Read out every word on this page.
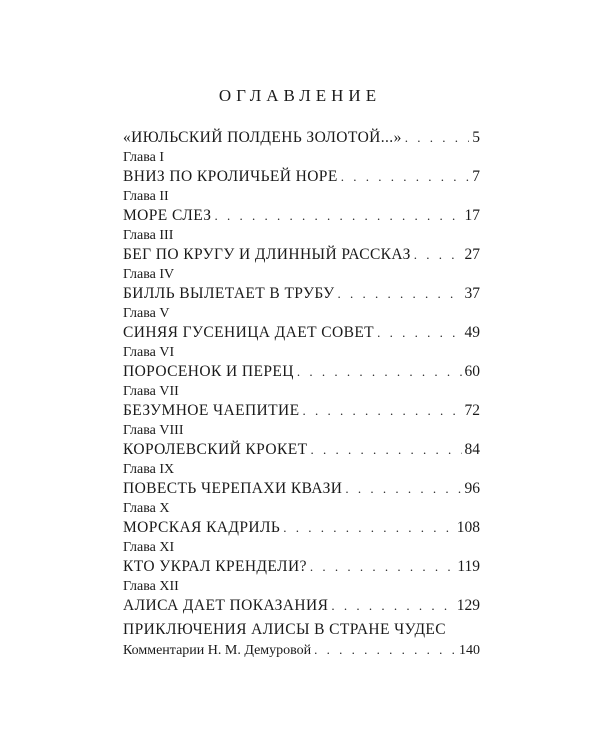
ОГЛАВЛЕНИЕ
«ИЮЛЬСКИЙ ПОЛДЕНЬ ЗОЛОТОЙ...» . . .	5
Глава I
ВНИЗ ПО КРОЛИЧЬЕЙ НОРЕ . . .	7
Глава II
МОРЕ СЛЕЗ . . .	17
Глава III
БЕГ ПО КРУГУ И ДЛИННЫЙ РАССКАЗ . . .	27
Глава IV
БИЛЛЬ ВЫЛЕТАЕТ В ТРУБУ . . .	37
Глава V
СИНЯЯ ГУСЕНИЦА ДАЕТ СОВЕТ . . .	49
Глава VI
ПОРОСЕНОК И ПЕРЕЦ . . .	60
Глава VII
БЕЗУМНОЕ ЧАЕПИТИЕ . . .	72
Глава VIII
КОРОЛЕВСКИЙ КРОКЕТ . . .	84
Глава IX
ПОВЕСТЬ ЧЕРЕПАХИ КВАЗИ . . .	96
Глава X
МОРСКАЯ КАДРИЛЬ . . .	108
Глава XI
КТО УКРАЛ КРЕНДЕЛИ? . . .	119
Глава XII
АЛИСА ДАЕТ ПОКАЗАНИЯ . . .	129
ПРИКЛЮЧЕНИЯ АЛИСЫ В СТРАНЕ ЧУДЕС
Комментарии Н. М. Демуровой . . .	140
